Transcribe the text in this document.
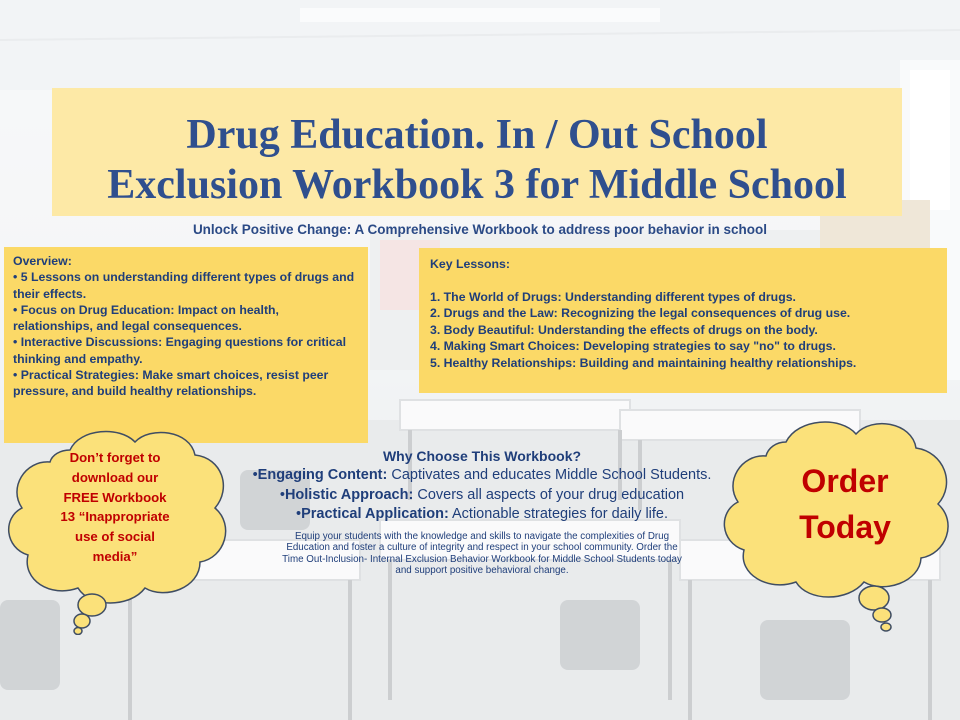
Drug Education. In / Out School
Exclusion Workbook 3 for Middle School
Unlock Positive Change: A Comprehensive Workbook to address poor behavior in school
Overview:
• 5 Lessons on understanding different types of drugs and their effects.
• Focus on Drug Education: Impact on health, relationships, and legal consequences.
• Interactive Discussions: Engaging questions for critical thinking and empathy.
• Practical Strategies: Make smart choices, resist peer pressure, and build healthy relationships.
Key Lessons:
1. The World of Drugs: Understanding different types of drugs.
2. Drugs and the Law: Recognizing the legal consequences of drug use.
3. Body Beautiful: Understanding the effects of drugs on the body.
4. Making Smart Choices: Developing strategies to say "no" to drugs.
5. Healthy Relationships: Building and maintaining healthy relationships.
Why Choose This Workbook?
•Engaging Content: Captivates and educates Middle School Students.
•Holistic Approach: Covers all aspects of your drug education
•Practical Application: Actionable strategies for daily life.
Equip your students with the knowledge and skills to navigate the complexities of Drug Education and foster a culture of integrity and respect in your school community. Order the Time Out-Inclusion- Internal Exclusion Behavior Workbook for Middle School Students today and support positive behavioral change.
Don’t forget to
download our
FREE Workbook
13 “Inappropriate
use of social
media”
Order
Today
